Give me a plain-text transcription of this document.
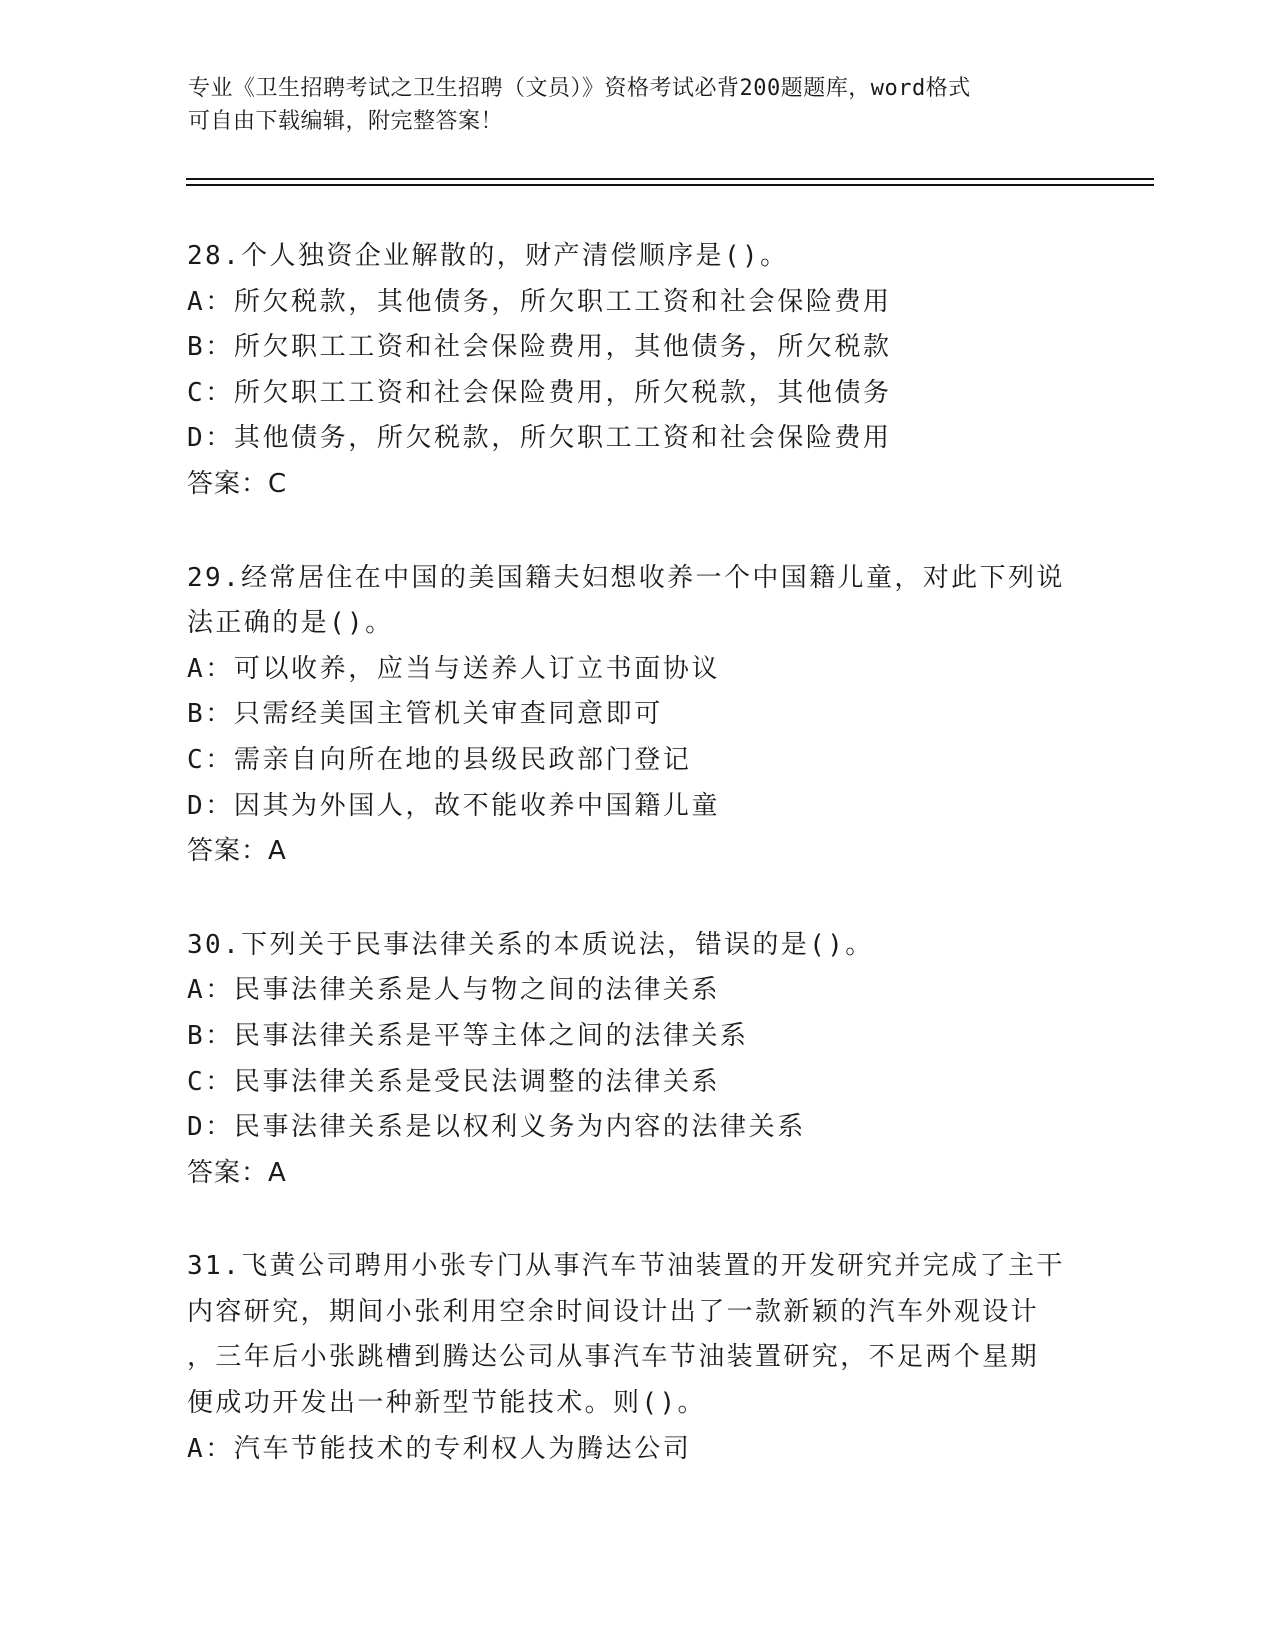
专业《卫生招聘考试之卫生招聘（文员）》资格考试必背200题题库，word格式
可自由下载编辑，附完整答案！
28.个人独资企业解散的，财产清偿顺序是()。
A：所欠税款，其他债务，所欠职工工资和社会保险费用
B：所欠职工工资和社会保险费用，其他债务，所欠税款
C：所欠职工工资和社会保险费用，所欠税款，其他债务
D：其他债务，所欠税款，所欠职工工资和社会保险费用
答案：C
29.经常居住在中国的美国籍夫妇想收养一个中国籍儿童，对此下列说
法正确的是()。
A：可以收养，应当与送养人订立书面协议
B：只需经美国主管机关审查同意即可
C：需亲自向所在地的县级民政部门登记
D：因其为外国人，故不能收养中国籍儿童
答案：A
30.下列关于民事法律关系的本质说法，错误的是()。
A：民事法律关系是人与物之间的法律关系
B：民事法律关系是平等主体之间的法律关系
C：民事法律关系是受民法调整的法律关系
D：民事法律关系是以权利义务为内容的法律关系
答案：A
31.飞黄公司聘用小张专门从事汽车节油装置的开发研究并完成了主干
内容研究，期间小张利用空余时间设计出了一款新颖的汽车外观设计
，三年后小张跳槽到腾达公司从事汽车节油装置研究，不足两个星期
便成功开发出一种新型节能技术。则()。
A：汽车节能技术的专利权人为腾达公司
